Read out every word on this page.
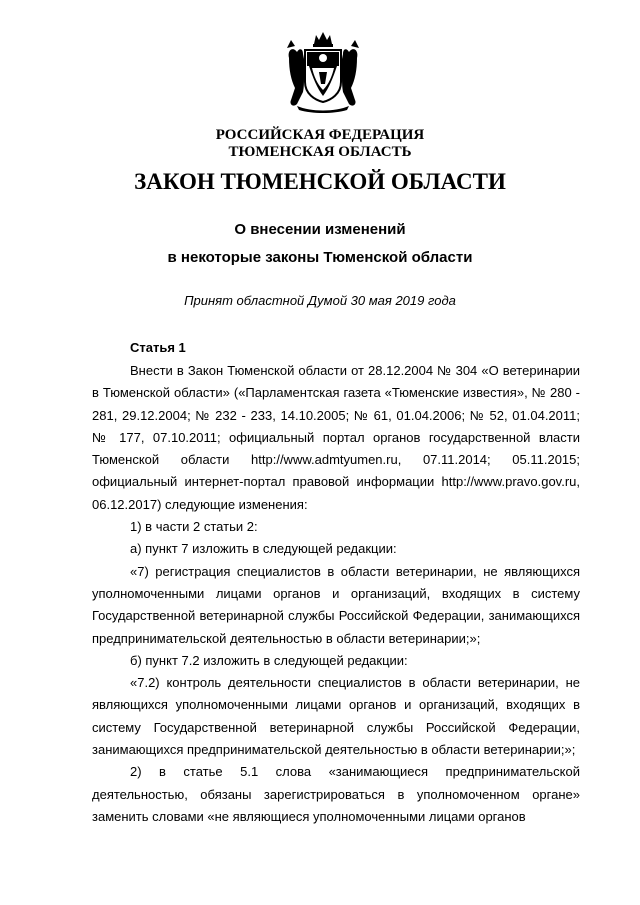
РОССИЙСКАЯ ФЕДЕРАЦИЯ
ТЮМЕНСКАЯ ОБЛАСТЬ
ЗАКОН ТЮМЕНСКОЙ ОБЛАСТИ
О внесении изменений
в некоторые законы Тюменской области
Принят областной Думой 30 мая 2019 года
Статья 1

Внести в Закон Тюменской области от 28.12.2004 № 304 «О ветеринарии в Тюменской области» («Парламентская газета «Тюменские известия», № 280 - 281, 29.12.2004; № 232 - 233, 14.10.2005; № 61, 01.04.2006; № 52, 01.04.2011; № 177, 07.10.2011; официальный портал органов государственной власти Тюменской области http://www.admtyumen.ru, 07.11.2014; 05.11.2015; официальный интернет-портал правовой информации http://www.pravo.gov.ru, 06.12.2017) следующие изменения:

1) в части 2 статьи 2:

а) пункт 7 изложить в следующей редакции:

«7) регистрация специалистов в области ветеринарии, не являющихся уполномоченными лицами органов и организаций, входящих в систему Государственной ветеринарной службы Российской Федерации, занимающихся предпринимательской деятельностью в области ветеринарии;»;

б) пункт 7.2 изложить в следующей редакции:

«7.2) контроль деятельности специалистов в области ветеринарии, не являющихся уполномоченными лицами органов и организаций, входящих в систему Государственной ветеринарной службы Российской Федерации, занимающихся предпринимательской деятельностью в области ветеринарии;»;

2) в статье 5.1 слова «занимающиеся предпринимательской деятельностью, обязаны зарегистрироваться в уполномоченном органе» заменить словами «не являющиеся уполномоченными лицами органов
